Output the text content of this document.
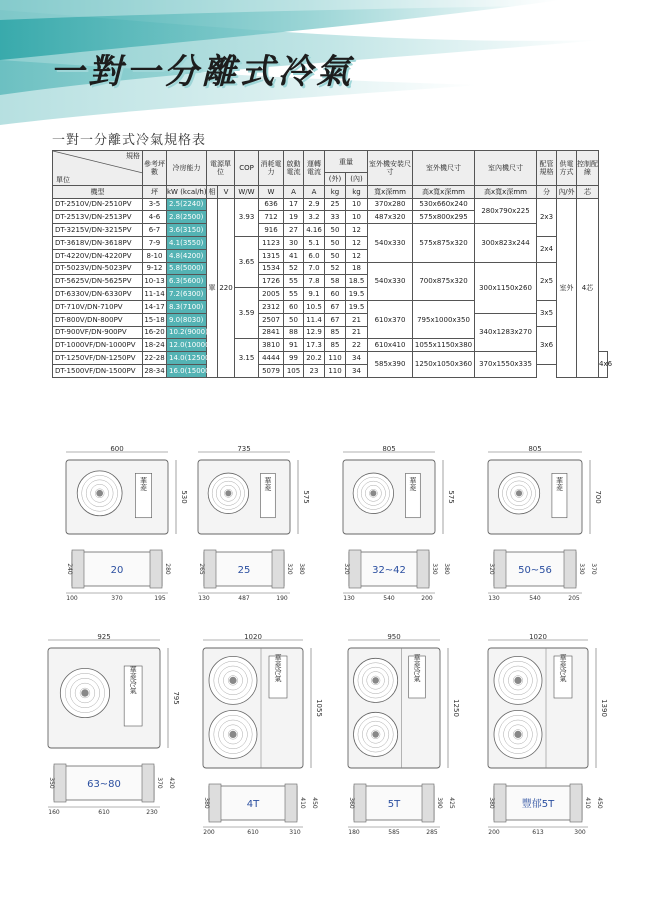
一對一分離式冷氣
一對一分離式冷氣規格表
規格
單位	參考坪數	冷房能力	電源單位		COP	消耗電力	啟動電流	運轉電流	重量		室外機安裝尺寸	室外機尺寸	室內機尺寸	配管規格	供電方式	控制配線	
									(外)	(內)							
機型	坪	kW (kcal/h)	相	V	W/W	W	A	A	kg	kg	寬x深mm	高x寬x深mm	高x寬x深mm	分	內/外	芯	
DT-2510V/DN-2510PV	3-5	2.5(2240)	單	220	3.93	636	17	2.9	25	10	370x280	530x660x240	280x790x225	2x3	室外	4芯	
DT-2513V/DN-2513PV	4-6	2.8(2500)				712	19	3.2	33	10	487x320	575x800x295					
DT-3215V/DN-3215PV	6-7	3.6(3150)				916	27	4.16	50	12	540x330	575x875x320	300x823x244				
DT-3618V/DN-3618PV	7-9	4.1(3550)			3.65	1123	30	5.1	50	12				2x4			
DT-4220V/DN-4220PV	8-10	4.8(4200)				1315	41	6.0	50	12							
DT-5023V/DN-5023PV	9-12	5.8(5000)				1534	52	7.0	52	18	540x330	700x875x320	300x1150x260	2x5			
DT-5625V/DN-5625PV	10-13	6.3(5600)				1726	55	7.8	58	18.5							
DT-6330V/DN-6330PV	11-14	7.2(6300)			3.59	2005	55	9.1	60	19.5							
DT-710V/DN-710PV	14-17	8.3(7100)				2312	60	10.5	67	19.5	610x370	795x1000x350		3x5			
DT-800V/DN-800PV	15-18	9.0(8030)				2507	50	11.4	67	21			340x1283x270				
DT-900VF/DN-900PV	16-20	10.2(9000)				2841	88	12.9	85	21				3x6			
DT-1000VF/DN-1000PV	18-24	12.0(10000)			3.15	3810	91	17.3	85	22	610x410	1055x1150x380					
DT-1250VF/DN-1250PV	22-28	14.0(12500)				4444	99	20.2	110	34	585x390	1250x1050x360	370x1550x335				4x6
DT-1500VF/DN-1500PV	28-34	16.0(15000)				5079	105	23	110	34							
600
華菱
530
20
240	280
100	370	195
735
華菱
575
25
265	320 380
130	487	190
805
華菱
575
32~42
320	330 380
130	540	200
805
華菱
700
50~56
320	330 370
130	540	205
925
華菱冷氣
795
63~80
350	370 420
160	610	230
1020
華菱冷氣
1055
4T
380	410 450
200	610	310
950
華菱冷氣
1250
5T
360	390 425
180	585	285
1020
華菱冷氣
1390
豐郁5T
380	410 450
200	613	300
